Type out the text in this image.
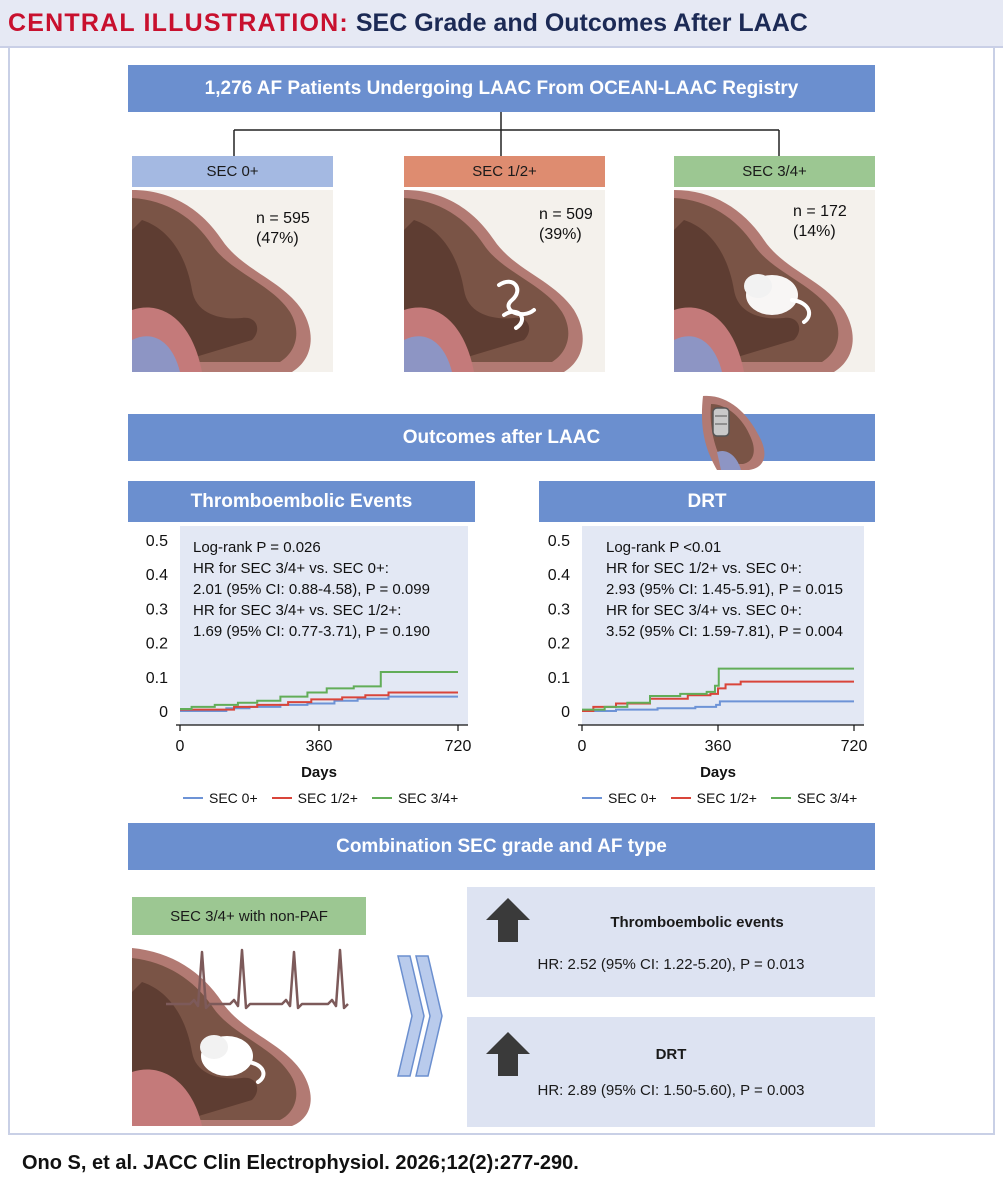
CENTRAL ILLUSTRATION: SEC Grade and Outcomes After LAAC
1,276 AF Patients Undergoing LAAC From OCEAN-LAAC Registry
SEC 0+	SEC 1/2+	SEC 3/4+
n = 595
(47%)
n = 509
(39%)
n = 172
(14%)
Outcomes after LAAC
Thromboembolic Events	DRT
0
0.1
0.2
0.3
0.4
0.5
0	360	720
Days
0
0.1
0.2
0.3
0.4
0.5
0	360	720
Days
Log-rank P = 0.026
HR for SEC 3/4+ vs. SEC 0+:
2.01 (95% CI: 0.88-4.58), P = 0.099
HR for SEC 3/4+ vs. SEC 1/2+:
1.69 (95% CI: 0.77-3.71), P = 0.190
Log-rank P <0.01
HR for SEC 1/2+ vs. SEC 0+:
2.93 (95% CI: 1.45-5.91), P = 0.015
HR for SEC 3/4+ vs. SEC 0+:
3.52 (95% CI: 1.59-7.81), P = 0.004
SEC 0+	SEC 1/2+	SEC 3/4+	SEC 0+	SEC 1/2+	SEC 3/4+
Combination SEC grade and AF type
SEC 3/4+ with non-PAF	Thromboembolic events
HR: 2.52 (95% CI: 1.22-5.20), P = 0.013
DRT
HR: 2.89 (95% CI: 1.50-5.60), P = 0.003
Ono S, et al. JACC Clin Electrophysiol. 2026;12(2):277-290.
